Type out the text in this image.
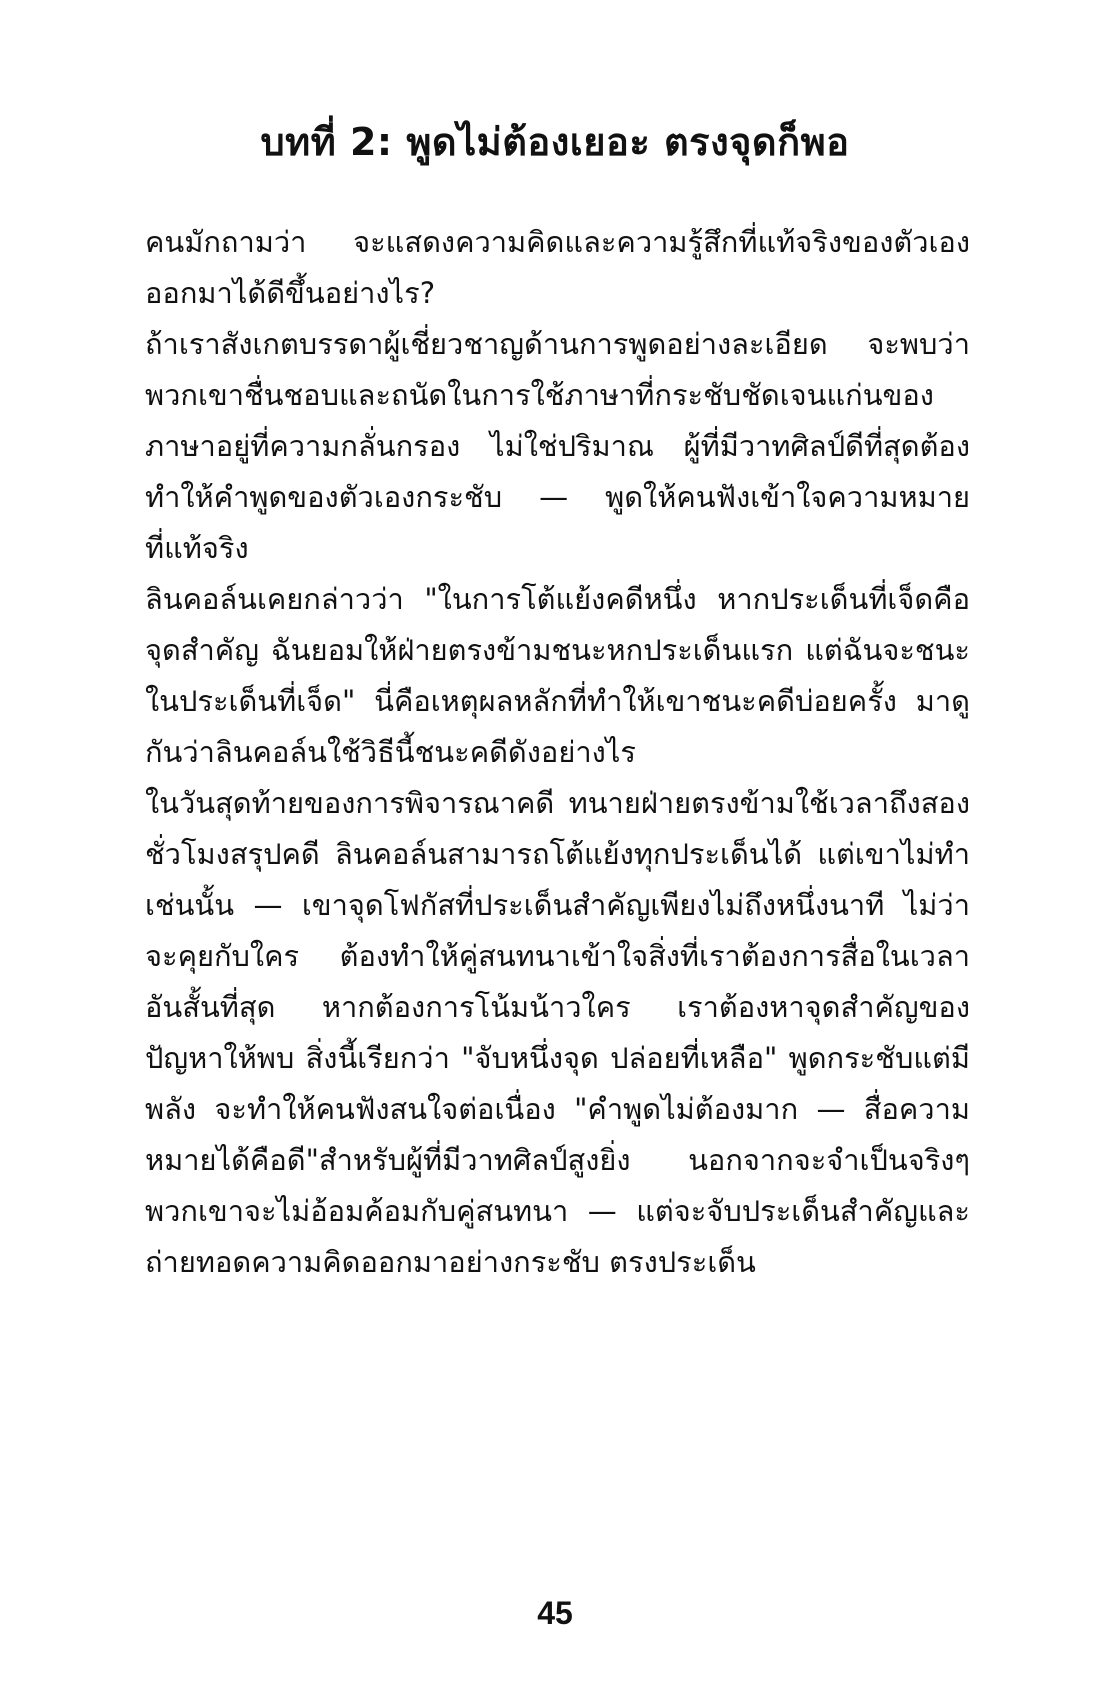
บทที่ 2: พูดไม่ต้องเยอะ ตรงจุดก็พอ

คนมักถามว่า จะแสดงความคิดและความรู้สึกที่แท้จริงของตัวเองออกมาได้ดีขึ้นอย่างไร?

ถ้าเราสังเกตบรรดาผู้เชี่ยวชาญด้านการพูดอย่างละเอียด จะพบว่าพวกเขาชื่นชอบและถนัดในการใช้ภาษาที่กระชับชัดเจนแก่นของภาษาอยู่ที่ความกลั่นกรอง ไม่ใช่ปริมาณ ผู้ที่มีวาทศิลป์ดีที่สุดต้องทำให้คำพูดของตัวเองกระชับ — พูดให้คนฟังเข้าใจความหมายที่แท้จริง

ลินคอล์นเคยกล่าวว่า "ในการโต้แย้งคดีหนึ่ง หากประเด็นที่เจ็ดคือจุดสำคัญ ฉันยอมให้ฝ่ายตรงข้ามชนะหกประเด็นแรก แต่ฉันจะชนะในประเด็นที่เจ็ด" นี่คือเหตุผลหลักที่ทำให้เขาชนะคดีบ่อยครั้ง มาดูกันว่าลินคอล์นใช้วิธีนี้ชนะคดีดังอย่างไร

ในวันสุดท้ายของการพิจารณาคดี ทนายฝ่ายตรงข้ามใช้เวลาถึงสองชั่วโมงสรุปคดี ลินคอล์นสามารถโต้แย้งทุกประเด็นได้ แต่เขาไม่ทำเช่นนั้น — เขาจุดโฟกัสที่ประเด็นสำคัญเพียงไม่ถึงหนึ่งนาที ไม่ว่าจะคุยกับใคร ต้องทำให้คู่สนทนาเข้าใจสิ่งที่เราต้องการสื่อในเวลาอันสั้นที่สุด หากต้องการโน้มน้าวใคร เราต้องหาจุดสำคัญของปัญหาให้พบ สิ่งนี้เรียกว่า "จับหนึ่งจุด ปล่อยที่เหลือ" พูดกระชับแต่มีพลัง จะทำให้คนฟังสนใจต่อเนื่อง "คำพูดไม่ต้องมาก — สื่อความหมายได้คือดี"สำหรับผู้ที่มีวาทศิลป์สูงยิ่ง นอกจากจะจำเป็นจริงๆ พวกเขาจะไม่อ้อมค้อมกับคู่สนทนา — แต่จะจับประเด็นสำคัญและถ่ายทอดความคิดออกมาอย่างกระชับ ตรงประเด็น

45
